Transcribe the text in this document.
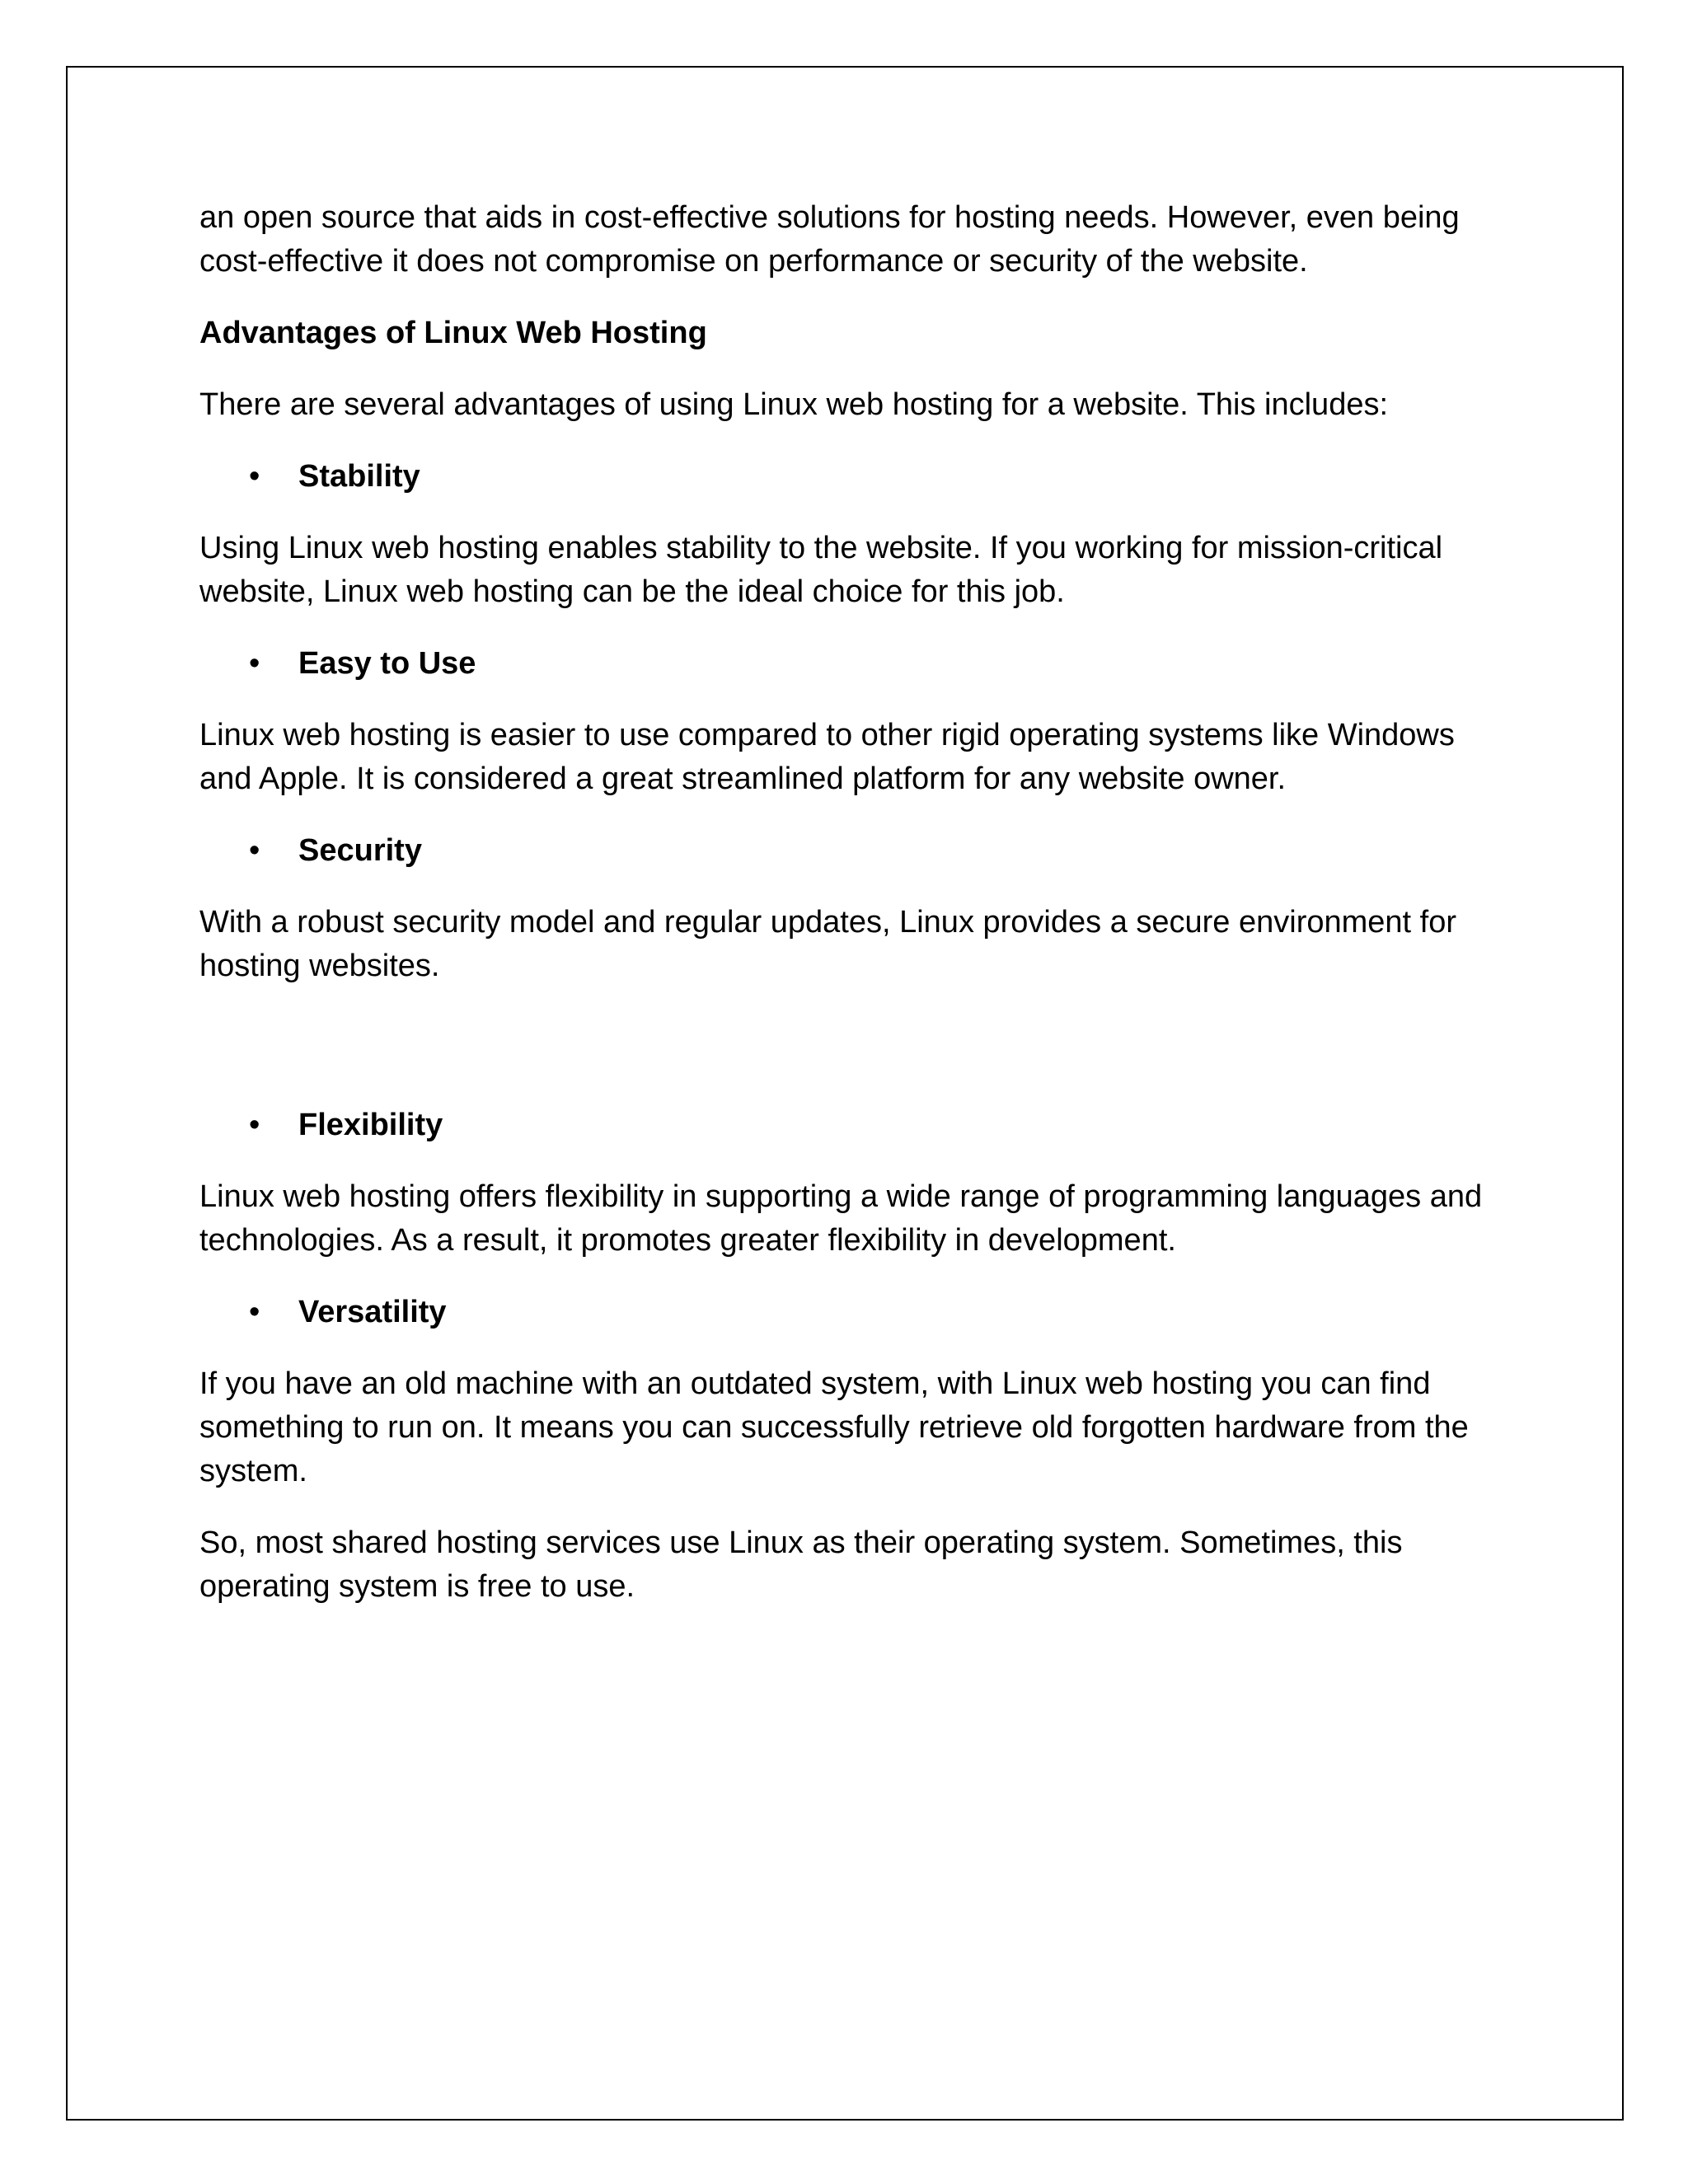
an open source that aids in cost-effective solutions for hosting needs. However, even being cost-effective it does not compromise on performance or security of the website.

Advantages of Linux Web Hosting

There are several advantages of using Linux web hosting for a website. This includes:

• Stability

Using Linux web hosting enables stability to the website. If you working for mission-critical website, Linux web hosting can be the ideal choice for this job.

• Easy to Use

Linux web hosting is easier to use compared to other rigid operating systems like Windows and Apple. It is considered a great streamlined platform for any website owner.

• Security

With a robust security model and regular updates, Linux provides a secure environment for hosting websites.

• Flexibility

Linux web hosting offers flexibility in supporting a wide range of programming languages and technologies. As a result, it promotes greater flexibility in development.

• Versatility

If you have an old machine with an outdated system, with Linux web hosting you can find something to run on. It means you can successfully retrieve old forgotten hardware from the system.

So, most shared hosting services use Linux as their operating system. Sometimes, this operating system is free to use.
